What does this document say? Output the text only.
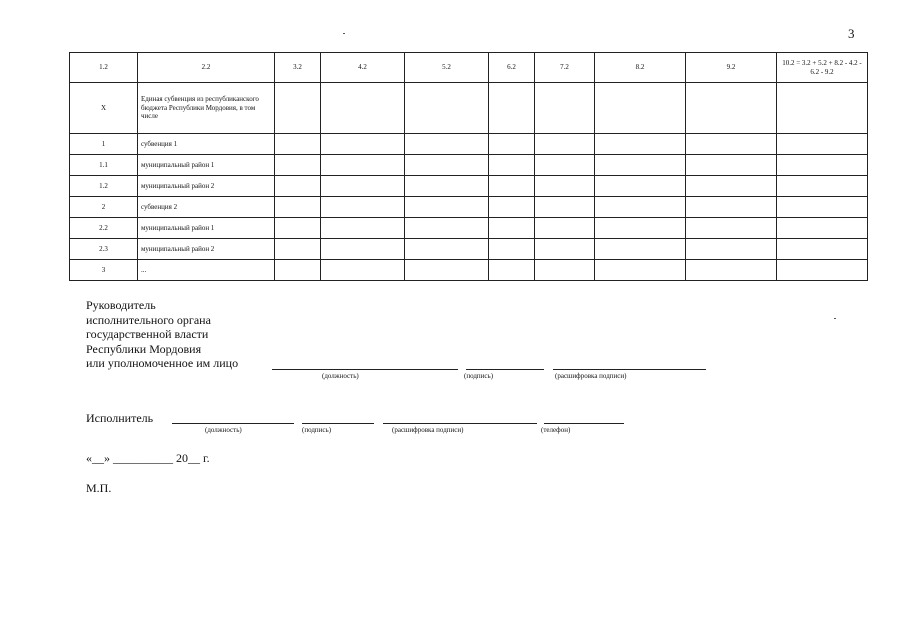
3
1.2	2.2	3.2	4.2	5.2	6.2	7.2	8.2	9.2	10.2 = 3.2 + 5.2 + 8.2 - 4.2 - 6.2 - 9.2
X	Единая субвенция из республиканского бюджета Республики Мордовия, в том числе								
1	субвенция 1								
1.1	муниципальный район 1								
1.2	муниципальный район 2								
2	субвенция 2								
2.2	муниципальный район 1								
2.3	муниципальный район 2								
3	...								
Руководитель
исполнительного органа
государственной власти
Республики Мордовия
или уполномоченное им лицо
(должность)	(подпись)	(расшифровка подписи)
Исполнитель
(должность)	(подпись)	(расшифровка подписи)	(телефон)
«__» __________ 20__ г.
М.П.
